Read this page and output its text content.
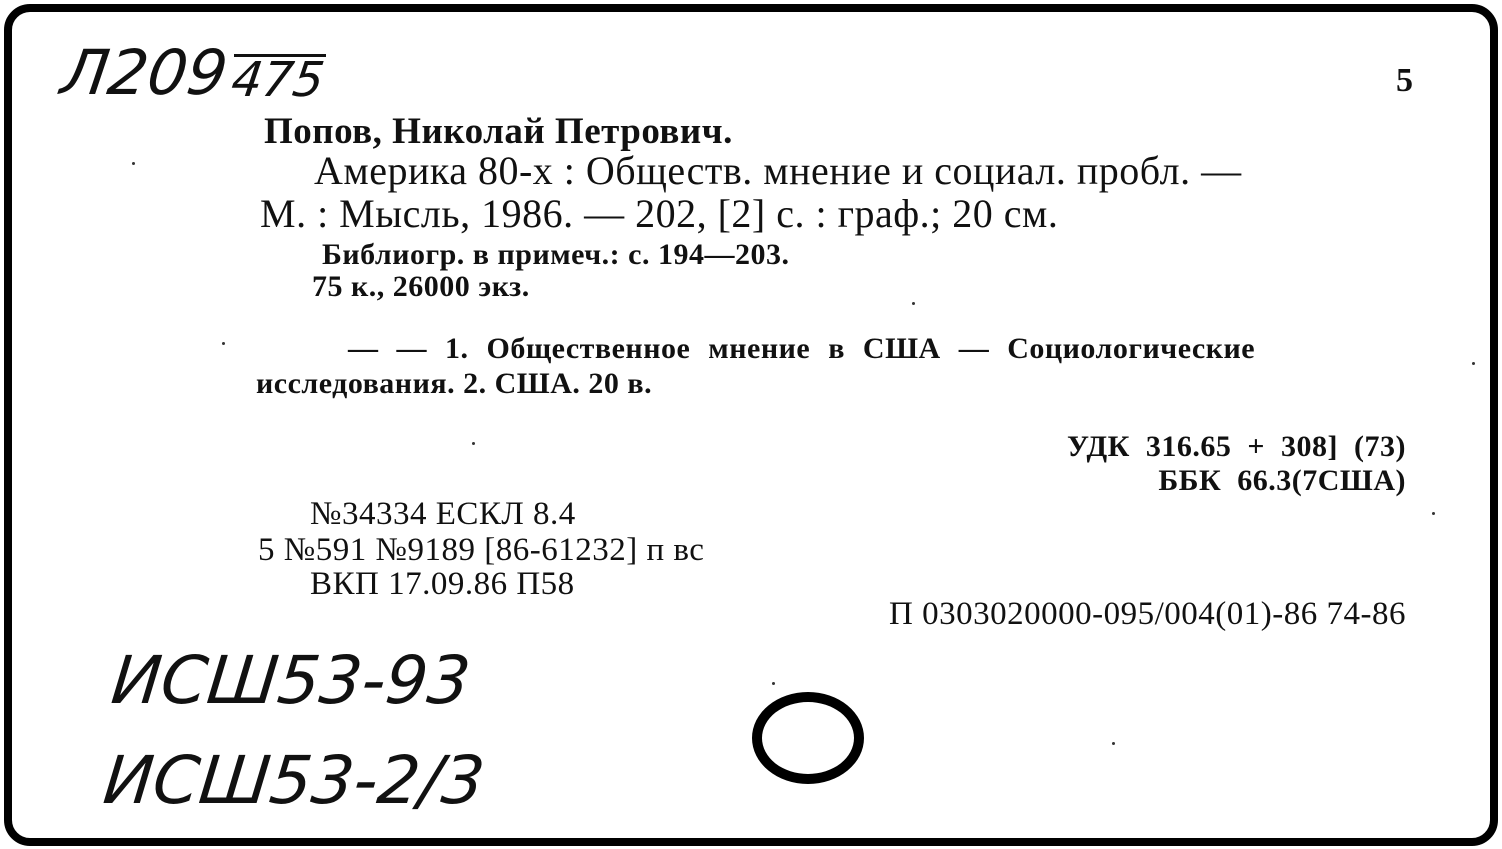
Л209
475	5
Попов, Николай Петрович.
Америка 80-х : Обществ. мнение и социал. пробл. —
М. : Мысль, 1986. — 202, [2] с. : граф.; 20 см.
Библиогр. в примеч.: с. 194—203.
75 к., 26000 экз.
— — 1. Общественное мнение в США — Социологические
исследования. 2. США. 20 в.
УДК 316.65 + 308] (73)
ББК 66.3(7США)
№34334 ЕСКЛ 8.4
5 №591 №9189 [86-61232] п вс
ВКП 17.09.86 П58
П 0303020000-095/004(01)-86 74-86
ИСШ53-93
ИСШ53-2/3
